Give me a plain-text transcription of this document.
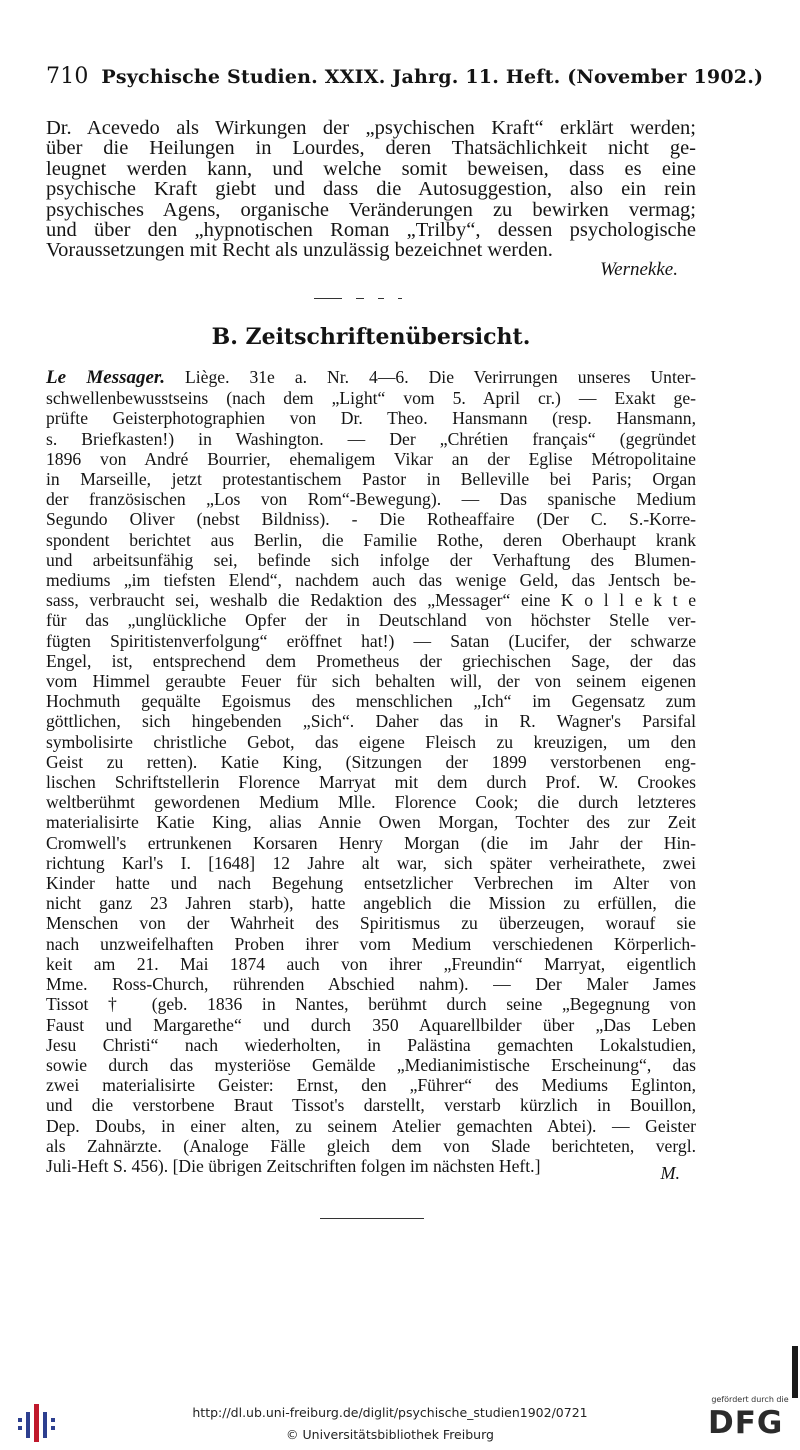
710 Psychische Studien. XXIX. Jahrg. 11. Heft. (November 1902.)
Dr. Acevedo als Wirkungen der „psychischen Kraft“ erklärt werden;
über die Heilungen in Lourdes, deren Thatsächlichkeit nicht ge-
leugnet werden kann, und welche somit beweisen, dass es eine
psychische Kraft giebt und dass die Autosuggestion, also ein rein
psychisches Agens, organische Veränderungen zu bewirken vermag;
und über den „hypnotischen Roman „Trilby“, dessen psychologische
Voraussetzungen mit Recht als unzulässig bezeichnet werden.
Wernekke.
B. Zeitschriftenübersicht.
Le Messager. Liège. 31e a. Nr. 4—6. Die Verirrungen unseres Unter-
schwellenbewusstseins (nach dem „Light“ vom 5. April cr.) — Exakt ge-
prüfte Geisterphotographien von Dr. Theo. Hansmann (resp. Hansmann,
s. Briefkasten!) in Washington. — Der „Chrétien français“ (gegründet
1896 von André Bourrier, ehemaligem Vikar an der Eglise Métropolitaine
in Marseille, jetzt protestantischem Pastor in Belleville bei Paris; Organ
der französischen „Los von Rom“-Bewegung). — Das spanische Medium
Segundo Oliver (nebst Bildniss). - Die Rotheaffaire (Der C. S.-Korre-
spondent berichtet aus Berlin, die Familie Rothe, deren Oberhaupt krank
und arbeitsunfähig sei, befinde sich infolge der Verhaftung des Blumen-
mediums „im tiefsten Elend“, nachdem auch das wenige Geld, das Jentsch be-
sass, verbraucht sei, weshalb die Redaktion des „Messager“ eine K o l l e k t e
für das „unglückliche Opfer der in Deutschland von höchster Stelle ver-
fügten Spiritistenverfolgung“ eröffnet hat!) — Satan (Lucifer, der schwarze
Engel, ist, entsprechend dem Prometheus der griechischen Sage, der das
vom Himmel geraubte Feuer für sich behalten will, der von seinem eigenen
Hochmuth gequälte Egoismus des menschlichen „Ich“ im Gegensatz zum
göttlichen, sich hingebenden „Sich“. Daher das in R. Wagner's Parsifal
symbolisirte christliche Gebot, das eigene Fleisch zu kreuzigen, um den
Geist zu retten). Katie King, (Sitzungen der 1899 verstorbenen eng-
lischen Schriftstellerin Florence Marryat mit dem durch Prof. W. Crookes
weltberühmt gewordenen Medium Mlle. Florence Cook; die durch letzteres
materialisirte Katie King, alias Annie Owen Morgan, Tochter des zur Zeit
Cromwell's ertrunkenen Korsaren Henry Morgan (die im Jahr der Hin-
richtung Karl's I. [1648] 12 Jahre alt war, sich später verheirathete, zwei
Kinder hatte und nach Begehung entsetzlicher Verbrechen im Alter von
nicht ganz 23 Jahren starb), hatte angeblich die Mission zu erfüllen, die
Menschen von der Wahrheit des Spiritismus zu überzeugen, worauf sie
nach unzweifelhaften Proben ihrer vom Medium verschiedenen Körperlich-
keit am 21. Mai 1874 auch von ihrer „Freundin“ Marryat, eigentlich
Mme. Ross-Church, rührenden Abschied nahm). — Der Maler James
Tissot † (geb. 1836 in Nantes, berühmt durch seine „Begegnung von
Faust und Margarethe“ und durch 350 Aquarellbilder über „Das Leben
Jesu Christi“ nach wiederholten, in Palästina gemachten Lokalstudien,
sowie durch das mysteriöse Gemälde „Medianimistische Erscheinung“, das
zwei materialisirte Geister: Ernst, den „Führer“ des Mediums Eglinton,
und die verstorbene Braut Tissot's darstellt, verstarb kürzlich in Bouillon,
Dep. Doubs, in einer alten, zu seinem Atelier gemachten Abtei). — Geister
als Zahnärzte. (Analoge Fälle gleich dem von Slade berichteten, vergl.
Juli-Heft S. 456). [Die übrigen Zeitschriften folgen im nächsten Heft.]	M.
http://dl.ub.uni-freiburg.de/diglit/psychische_studien1902/0721
© Universitätsbibliothek Freiburg
gefördert durch die
DFG
